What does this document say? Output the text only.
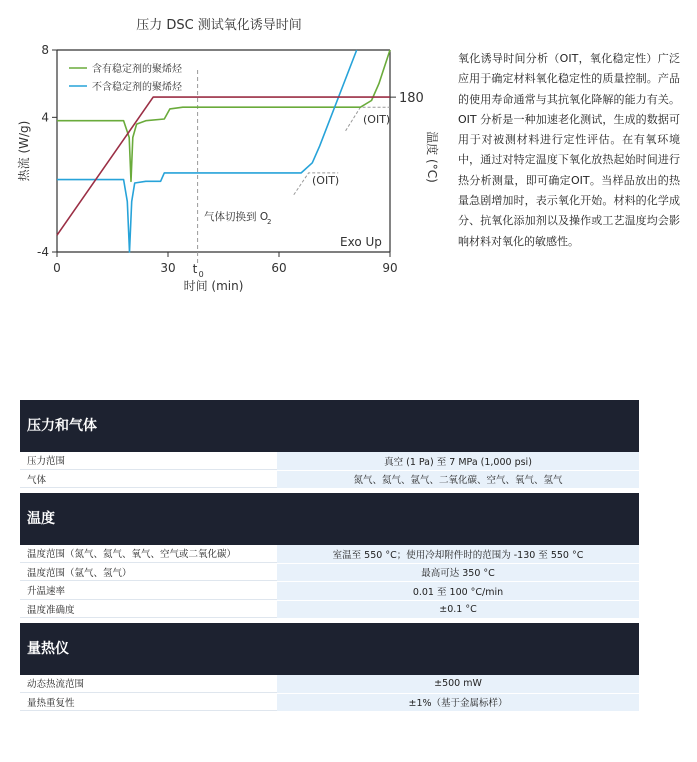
压力 DSC 测试氧化诱导时间
180
8
4
-4
0	30	60	90
t 0
时间 (min)
热流 (W/g)	温度 (°C)
含有稳定剂的聚烯烃
不含稳定剂的聚烯烃
气体切换到 O
2
Exo Up
(OIT)
(OIT)
氧化诱导时间分析（OIT，氧化稳定性）广泛应用于确定材料氧化稳定性的质量控制。产品的使用寿命通常与其抗氧化降解的能力有关。OIT 分析是一种加速老化测试，生成的数据可用于对被测材料进行定性评估。在有氧环境中，通过对特定温度下氧化放热起始时间进行热分析测量，即可确定OIT。当样品放出的热量急剧增加时，表示氧化开始。材料的化学成分、抗氧化添加剂以及操作或工艺温度均会影响材料对氧化的敏感性。
压力和气体
压力范围	真空 (1 Pa) 至 7 MPa (1,000 psi)
气体	氮气、氦气、氩气、二氧化碳、空气、氧气、氢气
温度
温度范围（氮气、氦气、氧气、空气或二氧化碳）	室温至 550 °C；使用冷却附件时的范围为 -130 至 550 °C
温度范围（氩气、氢气）	最高可达 350 °C
升温速率	0.01 至 100 °C/min
温度准确度	±0.1 °C
量热仪
动态热流范围	±500 mW
量热重复性	±1%（基于金属标样）
